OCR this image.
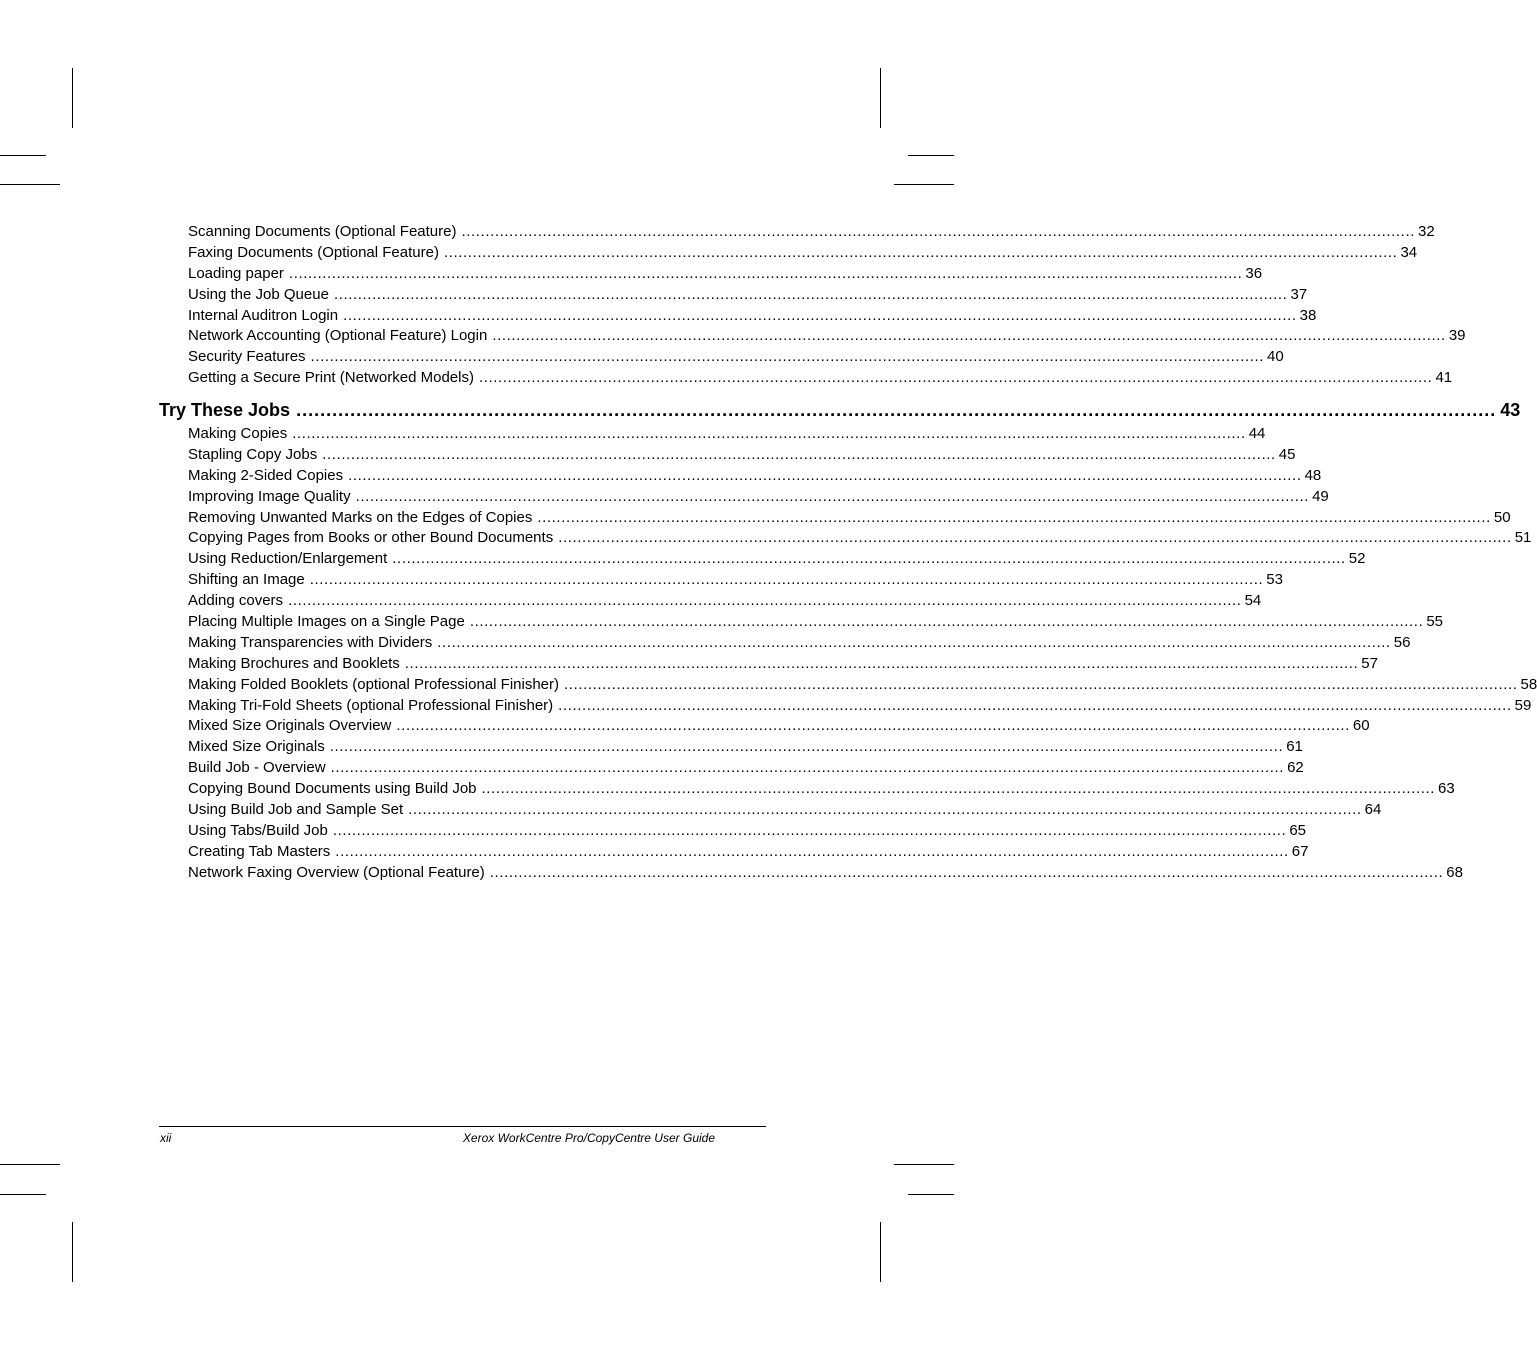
Scanning Documents (Optional Feature) ........................................................................................................................................................................................................ 32
Faxing Documents (Optional Feature) ........................................................................................................................................................................................................ 34
Loading paper ........................................................................................................................................................................................................ 36
Using the Job Queue ........................................................................................................................................................................................................ 37
Internal Auditron Login ........................................................................................................................................................................................................ 38
Network Accounting (Optional Feature) Login ........................................................................................................................................................................................................ 39
Security Features ........................................................................................................................................................................................................ 40
Getting a Secure Print (Networked Models) ........................................................................................................................................................................................................ 41
Try These Jobs ........................................................................................................................................................................................................ 43
Making Copies ........................................................................................................................................................................................................ 44
Stapling Copy Jobs ........................................................................................................................................................................................................ 45
Making 2-Sided Copies ........................................................................................................................................................................................................ 48
Improving Image Quality ........................................................................................................................................................................................................ 49
Removing Unwanted Marks on the Edges of Copies ........................................................................................................................................................................................................ 50
Copying Pages from Books or other Bound Documents ........................................................................................................................................................................................................ 51
Using Reduction/Enlargement ........................................................................................................................................................................................................ 52
Shifting an Image ........................................................................................................................................................................................................ 53
Adding covers ........................................................................................................................................................................................................ 54
Placing Multiple Images on a Single Page ........................................................................................................................................................................................................ 55
Making Transparencies with Dividers ........................................................................................................................................................................................................ 56
Making Brochures and Booklets ........................................................................................................................................................................................................ 57
Making Folded Booklets (optional Professional Finisher) ........................................................................................................................................................................................................ 58
Making Tri-Fold Sheets (optional Professional Finisher) ........................................................................................................................................................................................................ 59
Mixed Size Originals Overview ........................................................................................................................................................................................................ 60
Mixed Size Originals ........................................................................................................................................................................................................ 61
Build Job - Overview ........................................................................................................................................................................................................ 62
Copying Bound Documents using Build Job ........................................................................................................................................................................................................ 63
Using Build Job and Sample Set ........................................................................................................................................................................................................ 64
Using Tabs/Build Job ........................................................................................................................................................................................................ 65
Creating Tab Masters ........................................................................................................................................................................................................ 67
Network Faxing Overview (Optional Feature) ........................................................................................................................................................................................................ 68
xii	Xerox WorkCentre Pro/CopyCentre User Guide
